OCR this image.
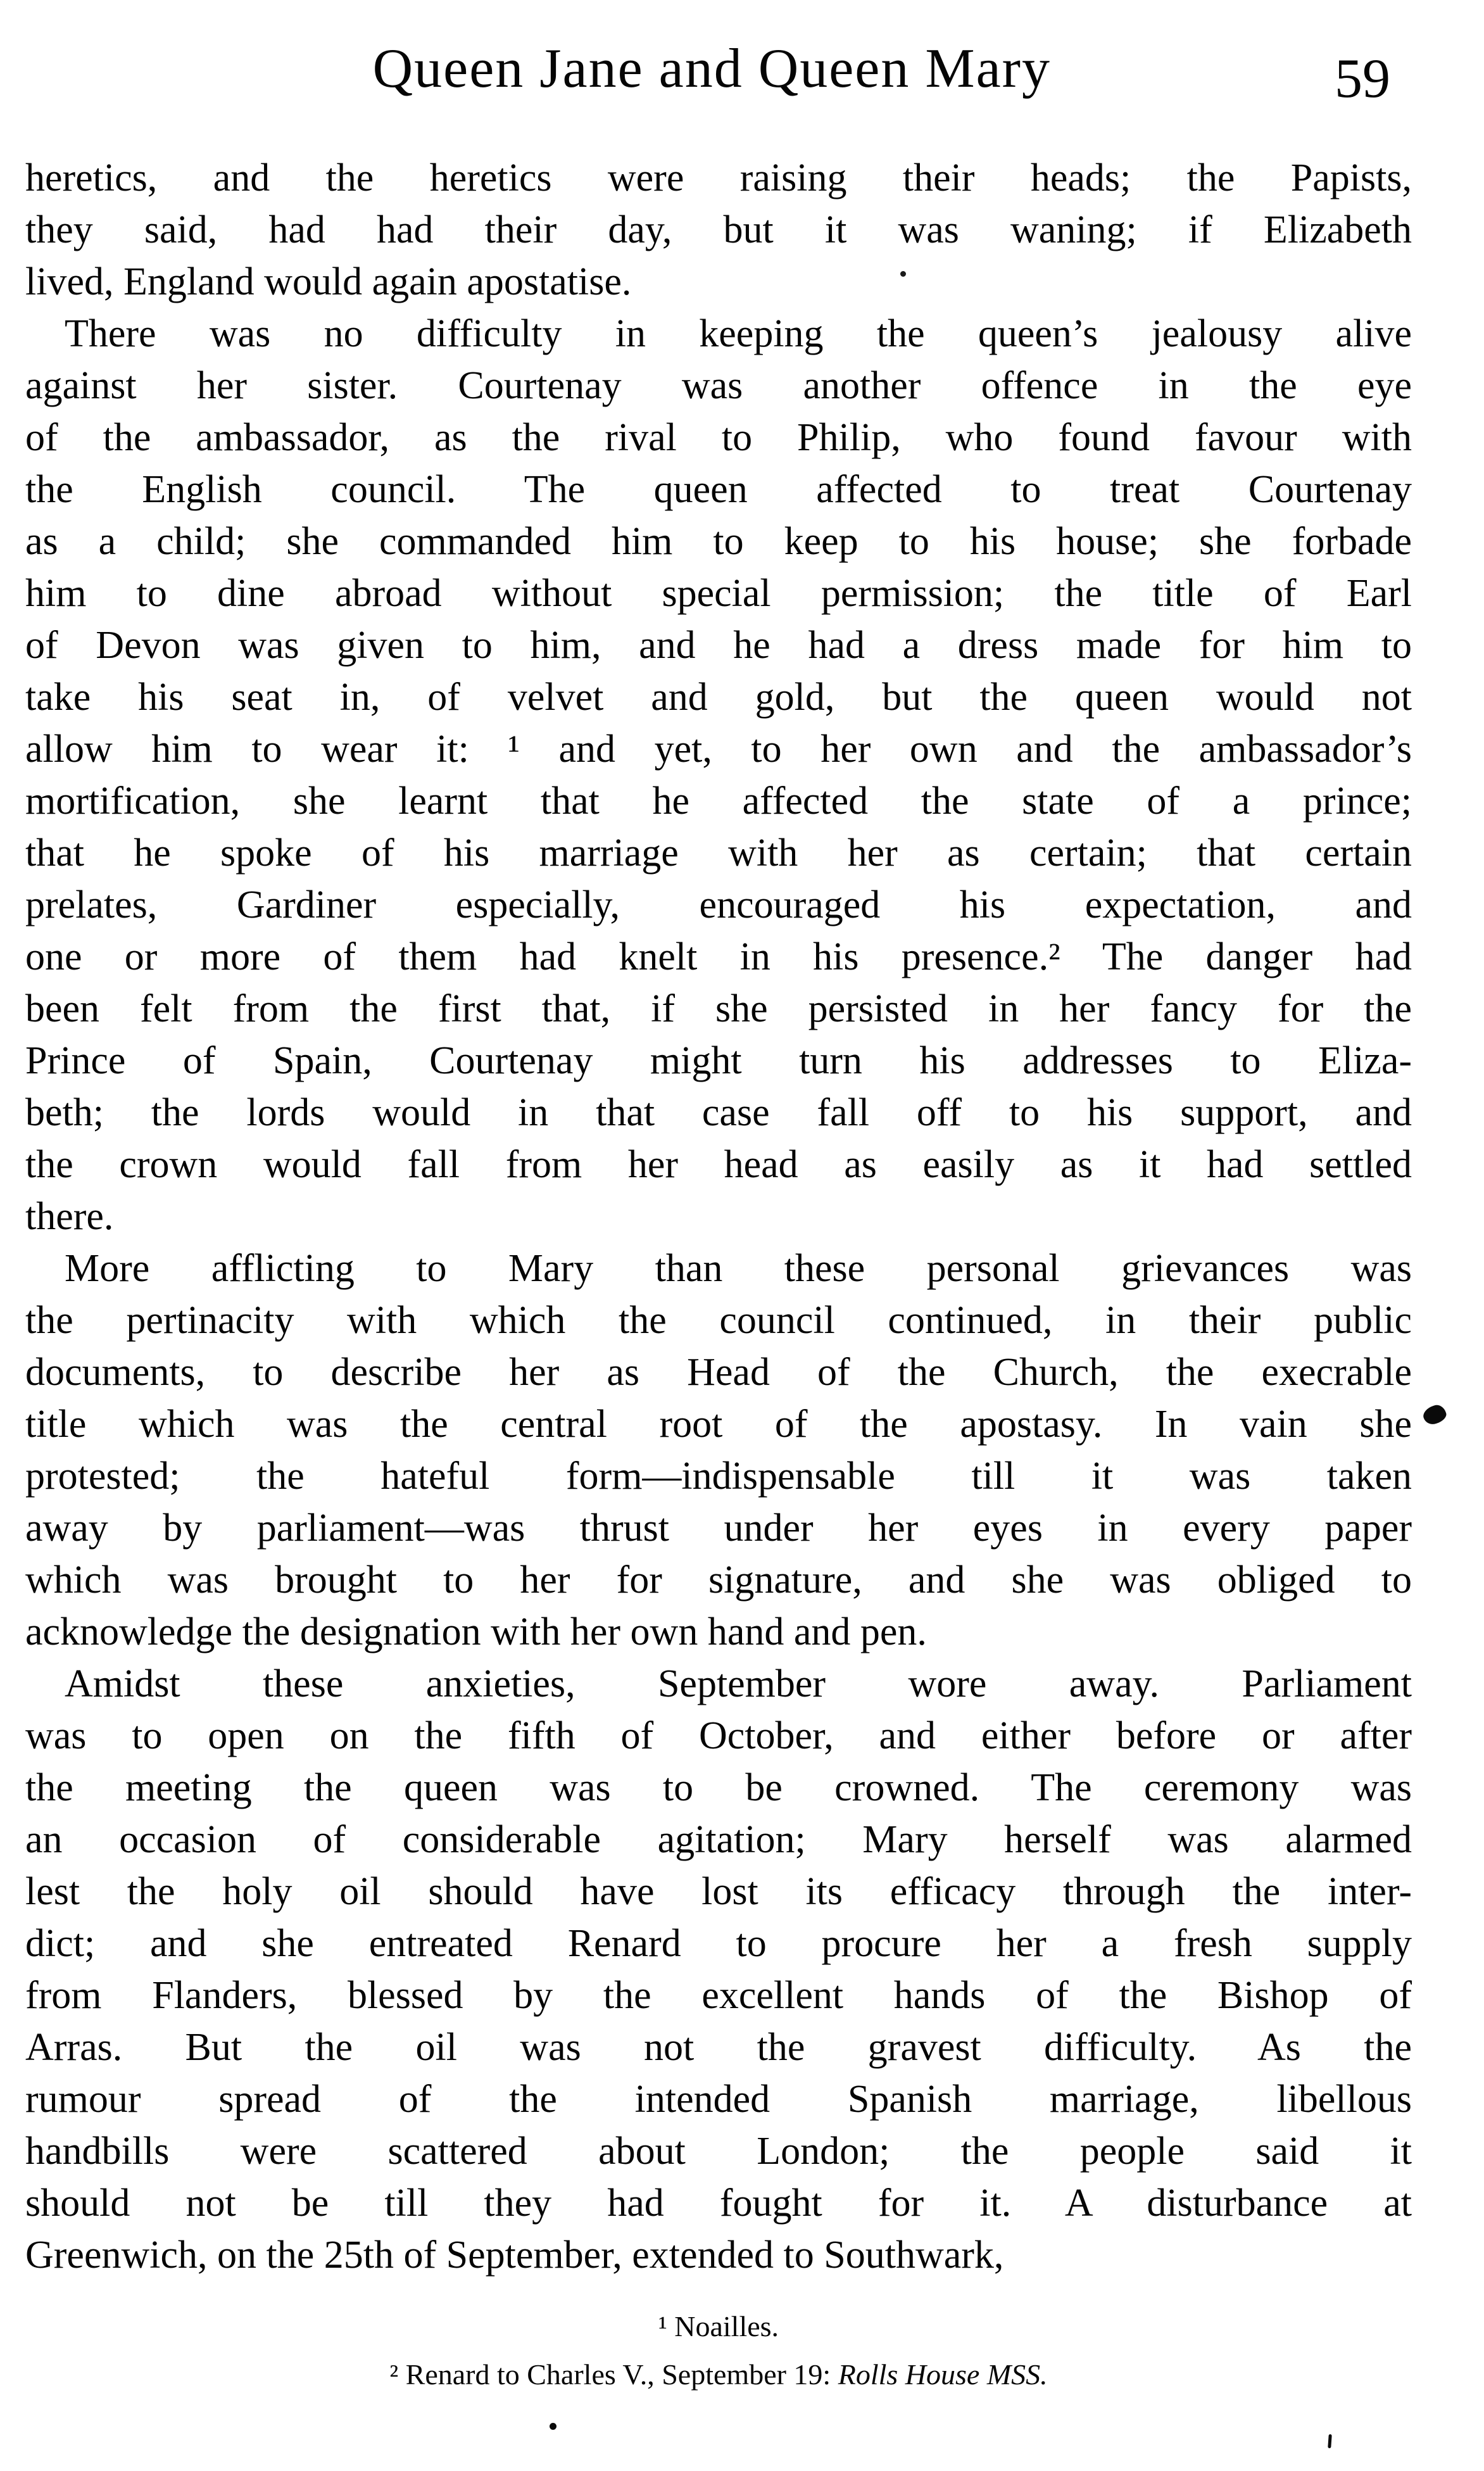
Queen Jane and Queen Mary	59
heretics, and the heretics were raising their heads; the Papists,
they said, had had their day, but it was waning; if Elizabeth
lived, England would again apostatise.
There was no difficulty in keeping the queen’s jealousy alive
against her sister. Courtenay was another offence in the eye
of the ambassador, as the rival to Philip, who found favour with
the English council. The queen affected to treat Courtenay
as a child; she commanded him to keep to his house; she forbade
him to dine abroad without special permission; the title of Earl
of Devon was given to him, and he had a dress made for him to
take his seat in, of velvet and gold, but the queen would not
allow him to wear it: ¹ and yet, to her own and the ambassador’s
mortification, she learnt that he affected the state of a prince;
that he spoke of his marriage with her as certain; that certain
prelates, Gardiner especially, encouraged his expectation, and
one or more of them had knelt in his presence.² The danger had
been felt from the first that, if she persisted in her fancy for the
Prince of Spain, Courtenay might turn his addresses to Eliza-
beth; the lords would in that case fall off to his support, and
the crown would fall from her head as easily as it had settled
there.
More afflicting to Mary than these personal grievances was
the pertinacity with which the council continued, in their public
documents, to describe her as Head of the Church, the execrable
title which was the central root of the apostasy. In vain she
protested; the hateful form—indispensable till it was taken
away by parliament—was thrust under her eyes in every paper
which was brought to her for signature, and she was obliged to
acknowledge the designation with her own hand and pen.
Amidst these anxieties, September wore away. Parliament
was to open on the fifth of October, and either before or after
the meeting the queen was to be crowned. The ceremony was
an occasion of considerable agitation; Mary herself was alarmed
lest the holy oil should have lost its efficacy through the inter-
dict; and she entreated Renard to procure her a fresh supply
from Flanders, blessed by the excellent hands of the Bishop of
Arras. But the oil was not the gravest difficulty. As the
rumour spread of the intended Spanish marriage, libellous
handbills were scattered about London; the people said it
should not be till they had fought for it. A disturbance at
Greenwich, on the 25th of September, extended to Southwark,
¹ Noailles.
² Renard to Charles V., September 19: Rolls House MSS.
